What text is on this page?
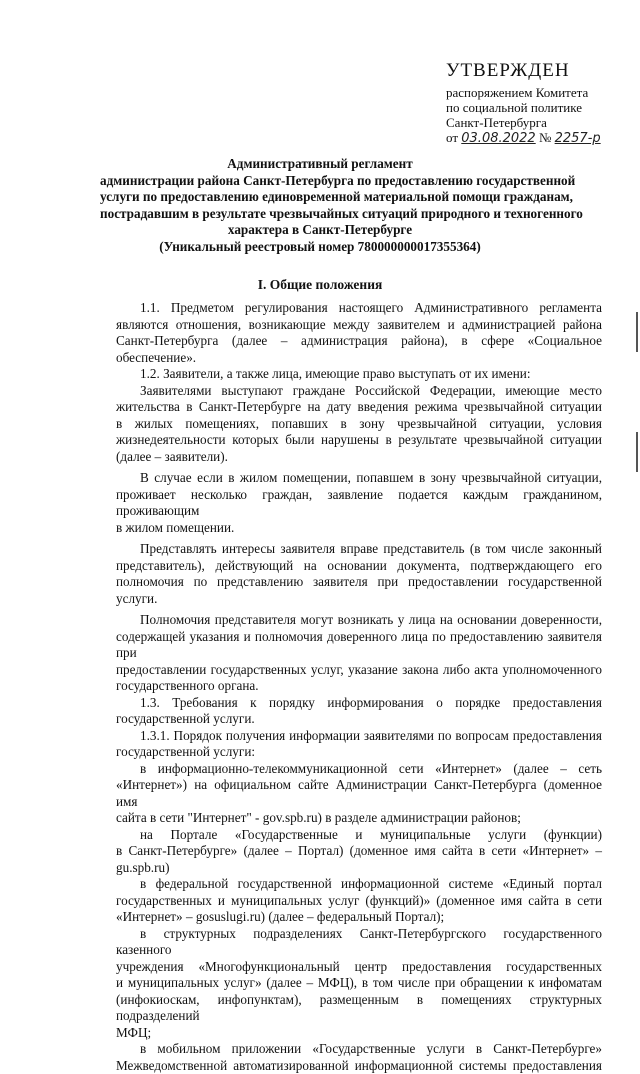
УТВЕРЖДЕН
распоряжением Комитета
по социальной политике
Санкт-Петербурга
от 03.08.2022 № 2257-р
Административный регламент
администрации района Санкт-Петербурга по предоставлению государственной
услуги по предоставлению единовременной материальной помощи гражданам,
пострадавшим в результате чрезвычайных ситуаций природного и техногенного
характера в Санкт-Петербурге
(Уникальный реестровый номер 780000000017355364)
I. Общие положения

1.1. Предметом регулирования настоящего Административного регламента

являются отношения, возникающие между заявителем и администрацией района

Санкт-Петербурга (далее – администрация района), в сфере «Социальное обеспечение».

1.2. Заявители, а также лица, имеющие право выступать от их имени:

Заявителями выступают граждане Российской Федерации, имеющие место

жительства в Санкт-Петербурге на дату введения режима чрезвычайной ситуации

в жилых помещениях, попавших в зону чрезвычайной ситуации, условия

жизнедеятельности которых были нарушены в результате чрезвычайной ситуации

(далее – заявители).

В случае если в жилом помещении, попавшем в зону чрезвычайной ситуации,

проживает несколько граждан, заявление подается каждым гражданином, проживающим

в жилом помещении.

Представлять интересы заявителя вправе представитель (в том числе законный

представитель), действующий на основании документа, подтверждающего его

полномочия по представлению заявителя при предоставлении государственной услуги.

Полномочия представителя могут возникать у лица на основании доверенности,

содержащей указания и полномочия доверенного лица по предоставлению заявителя при

предоставлении государственных услуг, указание закона либо акта уполномоченного

государственного органа.

1.3. Требования к порядку информирования о порядке предоставления

государственной услуги.

1.3.1. Порядок получения информации заявителями по вопросам предоставления

государственной услуги:

в информационно-телекоммуникационной сети «Интернет» (далее – сеть

«Интернет») на официальном сайте Администрации Санкт-Петербурга (доменное имя

сайта в сети "Интернет" - gov.spb.ru) в разделе администрации районов;

на Портале «Государственные и муниципальные услуги (функции)

в Санкт-Петербурге» (далее – Портал) (доменное имя сайта в сети «Интернет» – gu.spb.ru)

в федеральной государственной информационной системе «Единый портал

государственных и муниципальных услуг (функций)» (доменное имя сайта в сети

«Интернет» – gosuslugi.ru) (далее – федеральный Портал);

в структурных подразделениях Санкт-Петербургского государственного казенного

учреждения «Многофункциональный центр предоставления государственных

и муниципальных услуг» (далее – МФЦ), в том числе при обращении к инфоматам

(инфокиоскам, инфопунктам), размещенным в помещениях структурных подразделений

МФЦ;

в мобильном приложении «Государственные услуги в Санкт-Петербурге»

Межведомственной автоматизированной информационной системы предоставления
